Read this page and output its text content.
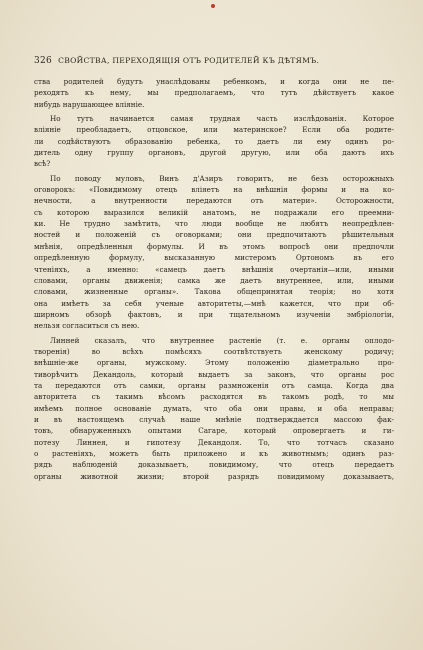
326 СВОЙСТВА, ПЕРЕХОДЯЩІЯ ОТЪ РОДИТЕЛЕЙ КЪ ДѢТЯМЪ.
ства родителей будутъ унаслѣдованы ребенкомъ, и когда они не пе-
реходятъ къ нему, мы предполагаемъ, что тутъ дѣйствуетъ какое
нибудь нарушающее вліяніе.
Но тутъ начинается самая трудная часть изслѣдованія. Которое
вліяніе преобладаетъ, отцовское, или материнское? Если оба родите-
ли содѣйствуютъ образованію ребенка, то даетъ ли ему одинъ ро-
дитель одну группу органовъ, другой другую, или оба даютъ ихъ
всѣ?
По поводу муловъ, Винъ д'Азиръ говоритъ, не безъ осторожныхъ
оговорокъ: «Повидимому отецъ вліяетъ на внѣшнія формы и на ко-
нечности, а внутренности передаются отъ матери». Осторожности,
съ которою выразился великій анатомъ, не подражали его преемни-
ки. Не трудно замѣтить, что люди вообще не любятъ неопредѣлен-
ностей и положеній съ оговорками; они предпочитаютъ рѣшительныя
мнѣнія, опредѣленныя формулы. И въ этомъ вопросѣ они предпочли
опредѣленную формулу, высказанную мистеромъ Ортономъ въ его
чтеніяхъ, а именно: «самецъ даетъ внѣшнія очертанія—или, иными
словами, органы движенія; самка же даетъ внутреннее, или, иными
словами, жизненные органы». Такова общепринятая теорія; но хотя
она имѣетъ за себя ученые авторитеты,—мнѣ кажется, что при об-
ширномъ обзорѣ фактовъ, и при тщательномъ изученіи эмбріологіи,
нельзя согласиться съ нею.
Линней сказалъ, что внутреннее растеніе (т. е. органы оплодо-
творенія) во всѣхъ помѣсяхъ соотвѣтствуетъ женскому родичу;
внѣшніе-же органы, мужскому. Этому положенію діаметрально про-
тиворѣчитъ Декандоль, который выдаетъ за законъ, что органы рос
та передаются отъ самки, органы размноженія отъ самца. Когда два
авторитета съ такимъ вѣсомъ расходятся въ такомъ родѣ, то мы
имѣемъ полное основаніе думать, что оба они правы, и оба неправы;
и въ настоящемъ случаѣ наше мнѣніе подтверждается массою фак-
товъ, обнаруженныхъ опытами Сагаре, который опровергаетъ и ги-
потезу Линнея, и гипотезу Декандоля. То, что тотчасъ сказано
о растеніяхъ, можетъ быть приложено и къ животнымъ; одинъ раз-
рядъ наблюденій доказываетъ, повидимому, что отецъ передаетъ
органы животной жизни; второй разрядъ повидимому доказываетъ,
